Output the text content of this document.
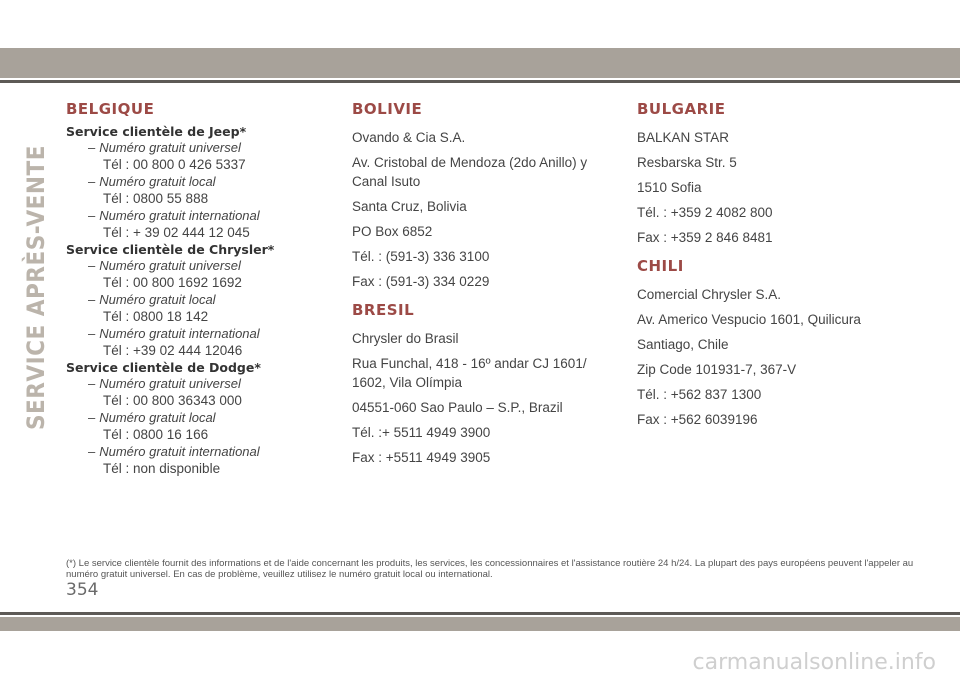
SERVICE APRÈS-VENTE
BELGIQUE
Service clientèle de Jeep*
– Numéro gratuit universel
Tél : 00 800 0 426 5337
– Numéro gratuit local
Tél : 0800 55 888
– Numéro gratuit international
Tél : + 39 02 444 12 045
Service clientèle de Chrysler*
– Numéro gratuit universel
Tél : 00 800 1692 1692
– Numéro gratuit local
Tél : 0800 18 142
– Numéro gratuit international
Tél : +39 02 444 12046
Service clientèle de Dodge*
– Numéro gratuit universel
Tél : 00 800 36343 000
– Numéro gratuit local
Tél : 0800 16 166
– Numéro gratuit international
Tél : non disponible
BOLIVIE
Ovando & Cia S.A.
Av. Cristobal de Mendoza (2do Anillo) y Canal Isuto
Santa Cruz, Bolivia
PO Box 6852
Tél. : (591-3) 336 3100
Fax : (591-3) 334 0229
BRESIL
Chrysler do Brasil
Rua Funchal, 418 - 16º andar CJ 1601/ 1602, Vila Olímpia
04551-060 Sao Paulo – S.P., Brazil
Tél. :+ 5511 4949 3900
Fax : +5511 4949 3905
BULGARIE
BALKAN STAR
Resbarska Str. 5
1510 Sofia
Tél. : +359 2 4082 800
Fax : +359 2 846 8481
CHILI
Comercial Chrysler S.A.
Av. Americo Vespucio 1601, Quilicura
Santiago, Chile
Zip Code 101931-7, 367-V
Tél. : +562 837 1300
Fax : +562 6039196
(*) Le service clientèle fournit des informations et de l'aide concernant les produits, les services, les concessionnaires et l'assistance routière 24 h/24. La plupart des pays européens peuvent l'appeler au numéro gratuit universel. En cas de problème, veuillez utilisez le numéro gratuit local ou international.
354
carmanualsonline.info
